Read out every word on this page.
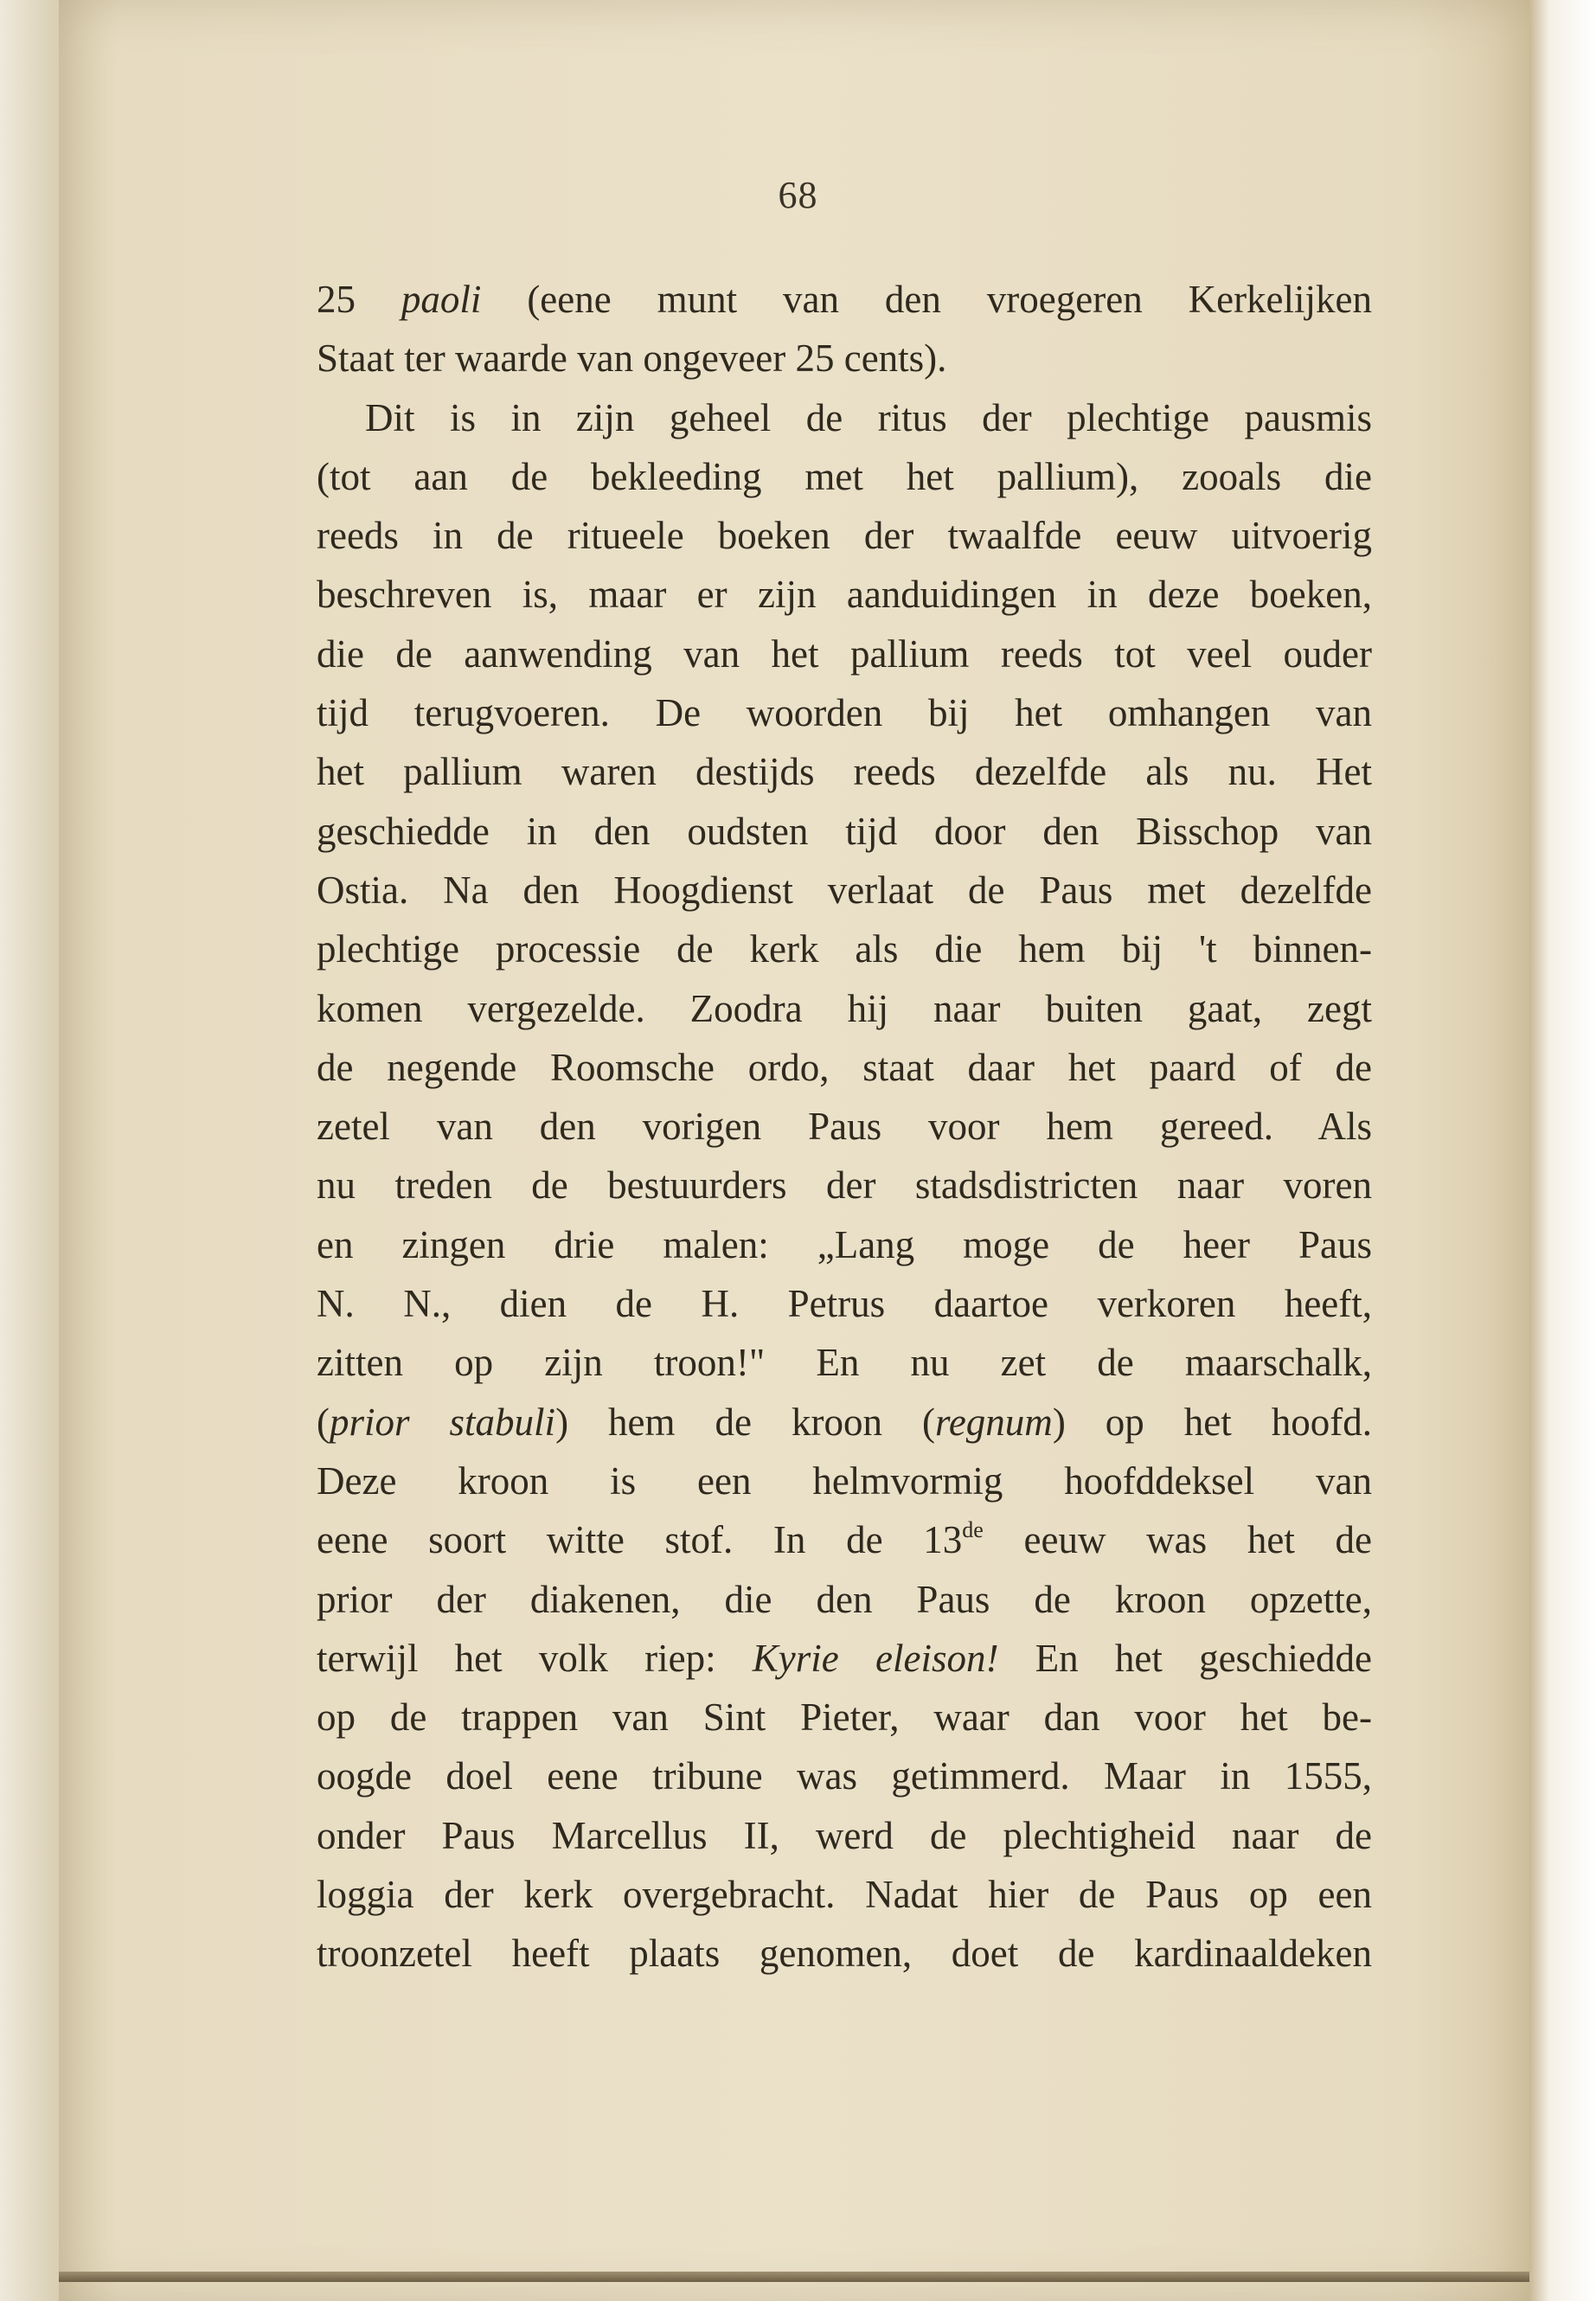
68
25 paoli (eene munt van den vroegeren Kerkelijken
Staat ter waarde van ongeveer 25 cents).
Dit is in zijn geheel de ritus der plechtige pausmis
(tot aan de bekleeding met het pallium), zooals die
reeds in de ritueele boeken der twaalfde eeuw uitvoerig
beschreven is, maar er zijn aanduidingen in deze boeken,
die de aanwending van het pallium reeds tot veel ouder
tijd terugvoeren. De woorden bij het omhangen van
het pallium waren destijds reeds dezelfde als nu. Het
geschiedde in den oudsten tijd door den Bisschop van
Ostia. Na den Hoogdienst verlaat de Paus met dezelfde
plechtige processie de kerk als die hem bij 't binnen-
komen vergezelde. Zoodra hij naar buiten gaat, zegt
de negende Roomsche ordo, staat daar het paard of de
zetel van den vorigen Paus voor hem gereed. Als
nu treden de bestuurders der stadsdistricten naar voren
en zingen drie malen: „Lang moge de heer Paus
N. N., dien de H. Petrus daartoe verkoren heeft,
zitten op zijn troon!" En nu zet de maarschalk,
(prior stabuli) hem de kroon (regnum) op het hoofd.
Deze kroon is een helmvormig hoofddeksel van
eene soort witte stof. In de 13de eeuw was het de
prior der diakenen, die den Paus de kroon opzette,
terwijl het volk riep: Kyrie eleison! En het geschiedde
op de trappen van Sint Pieter, waar dan voor het be-
oogde doel eene tribune was getimmerd. Maar in 1555,
onder Paus Marcellus II, werd de plechtigheid naar de
loggia der kerk overgebracht. Nadat hier de Paus op een
troonzetel heeft plaats genomen, doet de kardinaaldeken
